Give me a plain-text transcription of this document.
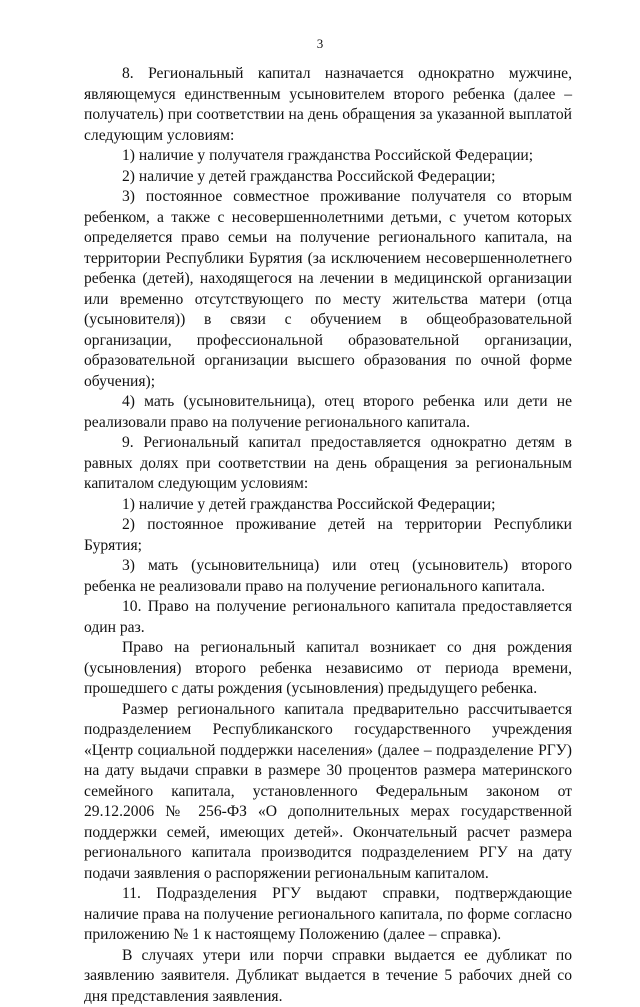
3

8. Региональный капитал назначается однократно мужчине, являющемуся единственным усыновителем второго ребенка (далее – получатель) при соответствии на день обращения за указанной выплатой следующим условиям:

1) наличие у получателя гражданства Российской Федерации;

2) наличие у детей гражданства Российской Федерации;

3) постоянное совместное проживание получателя со вторым ребенком, а также с несовершеннолетними детьми, с учетом которых определяется право семьи на получение регионального капитала, на территории Республики Бурятия (за исключением несовершеннолетнего ребенка (детей), находящегося на лечении в медицинской организации или временно отсутствующего по месту жительства матери (отца (усыновителя)) в связи с обучением в общеобразовательной организации, профессиональной образовательной организации, образовательной организации высшего образования по очной форме обучения);

4) мать (усыновительница), отец второго ребенка или дети не реализовали право на получение регионального капитала.

9. Региональный капитал предоставляется однократно детям в равных долях при соответствии на день обращения за региональным капиталом следующим условиям:

1) наличие у детей гражданства Российской Федерации;

2) постоянное проживание детей на территории Республики Бурятия;

3) мать (усыновительница) или отец (усыновитель) второго ребенка не реализовали право на получение регионального капитала.

10. Право на получение регионального капитала предоставляется один раз.

Право на региональный капитал возникает со дня рождения (усыновления) второго ребенка независимо от периода времени, прошедшего с даты рождения (усыновления) предыдущего ребенка.

Размер регионального капитала предварительно рассчитывается подразделением Республиканского государственного учреждения «Центр социальной поддержки населения» (далее – подразделение РГУ) на дату выдачи справки в размере 30 процентов размера материнского семейного капитала, установленного Федеральным законом от 29.12.2006 № 256-ФЗ «О дополнительных мерах государственной поддержки семей, имеющих детей». Окончательный расчет размера регионального капитала производится подразделением РГУ на дату подачи заявления о распоряжении региональным капиталом.

11. Подразделения РГУ выдают справки, подтверждающие наличие права на получение регионального капитала, по форме согласно приложению № 1 к настоящему Положению (далее – справка).

В случаях утери или порчи справки выдается ее дубликат по заявлению заявителя. Дубликат выдается в течение 5 рабочих дней со дня представления заявления.
